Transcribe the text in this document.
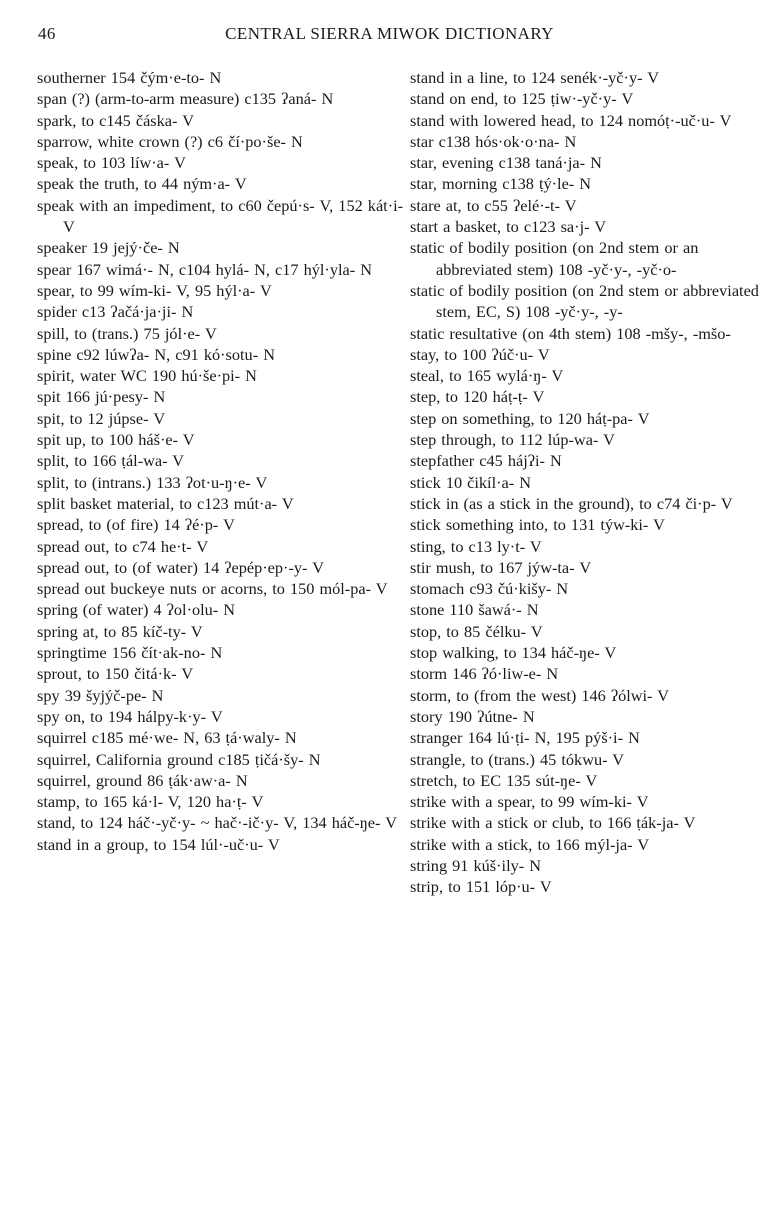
46	CENTRAL SIERRA MIWOK DICTIONARY

southerner 154 čým·e-to- N

span (?) (arm-to-arm measure) c135 ʔaná- N

spark, to c145 čáska- V

sparrow, white crown (?) c6 čí·po·še- N

speak, to 103 líw·a- V

speak the truth, to 44 ným·a- V

speak with an impediment, to c60 čepú·s- V, 152 kát·i- V

speaker 19 jejý·če- N

spear 167 wimá·- N, c104 hylá- N, c17 hýl·yla- N

spear, to 99 wím-ki- V, 95 hýl·a- V

spider c13 ʔačá·ja·ji- N

spill, to (trans.) 75 jól·e- V

spine c92 lúwʔa- N, c91 kó·sotu- N

spirit, water WC 190 hú·še·pi- N

spit 166 jú·pesy- N

spit, to 12 júpse- V

spit up, to 100 háš·e- V

split, to 166 ṭál-wa- V

split, to (intrans.) 133 ʔot·u-ŋ·e- V

split basket material, to c123 mút·a- V

spread, to (of fire) 14 ʔé·p- V

spread out, to c74 he·t- V

spread out, to (of water) 14 ʔepép·ep·-y- V

spread out buckeye nuts or acorns, to 150 mól-pa- V

spring (of water) 4 ʔol·olu- N

spring at, to 85 kíč-ty- V

springtime 156 čít·ak-no- N

sprout, to 150 čitá·k- V

spy 39 šyjýč-pe- N

spy on, to 194 hálpy-k·y- V

squirrel c185 mé·we- N, 63 ṭá·waly- N

squirrel, California ground c185 ṭičá·šy- N

squirrel, ground 86 ṭák·aw·a- N

stamp, to 165 ká·l- V, 120 ha·ṭ- V

stand, to 124 háč·-yč·y- ~ hač·-ič·y- V, 134 háč-ŋe- V

stand in a group, to 154 lúl·-uč·u- V

stand in a line, to 124 senék·-yč·y- V

stand on end, to 125 ṭiw·-yč·y- V

stand with lowered head, to 124 nomóṭ·-uč·u- V

star c138 hós·ok·o·na- N

star, evening c138 taná·ja- N

star, morning c138 ṭý·le- N

stare at, to c55 ʔelé·-t- V

start a basket, to c123 sa·j- V

static of bodily position (on 2nd stem or an abbreviated stem) 108 -yč·y-, -yč·o-

static of bodily position (on 2nd stem or abbreviated stem, EC, S) 108 -yč·y-, -y-

static resultative (on 4th stem) 108 -mšy-, -mšo-

stay, to 100 ʔúč·u- V

steal, to 165 wylá·ŋ- V

step, to 120 háṭ-ṭ- V

step on something, to 120 háṭ-pa- V

step through, to 112 lúp-wa- V

stepfather c45 hájʔi- N

stick 10 čikíl·a- N

stick in (as a stick in the ground), to c74 či·p- V

stick something into, to 131 týw-ki- V

sting, to c13 ly·t- V

stir mush, to 167 jýw-ta- V

stomach c93 čú·kišy- N

stone 110 šawá·- N

stop, to 85 čélku- V

stop walking, to 134 háč-ŋe- V

storm 146 ʔó·liw-e- N

storm, to (from the west) 146 ʔólwi- V

story 190 ʔútne- N

stranger 164 lú·ṭi- N, 195 pýš·i- N

strangle, to (trans.) 45 tókwu- V

stretch, to EC 135 sút-ŋe- V

strike with a spear, to 99 wím-ki- V

strike with a stick or club, to 166 ṭák-ja- V

strike with a stick, to 166 mýl-ja- V

string 91 kúš·ily- N

strip, to 151 lóp·u- V
